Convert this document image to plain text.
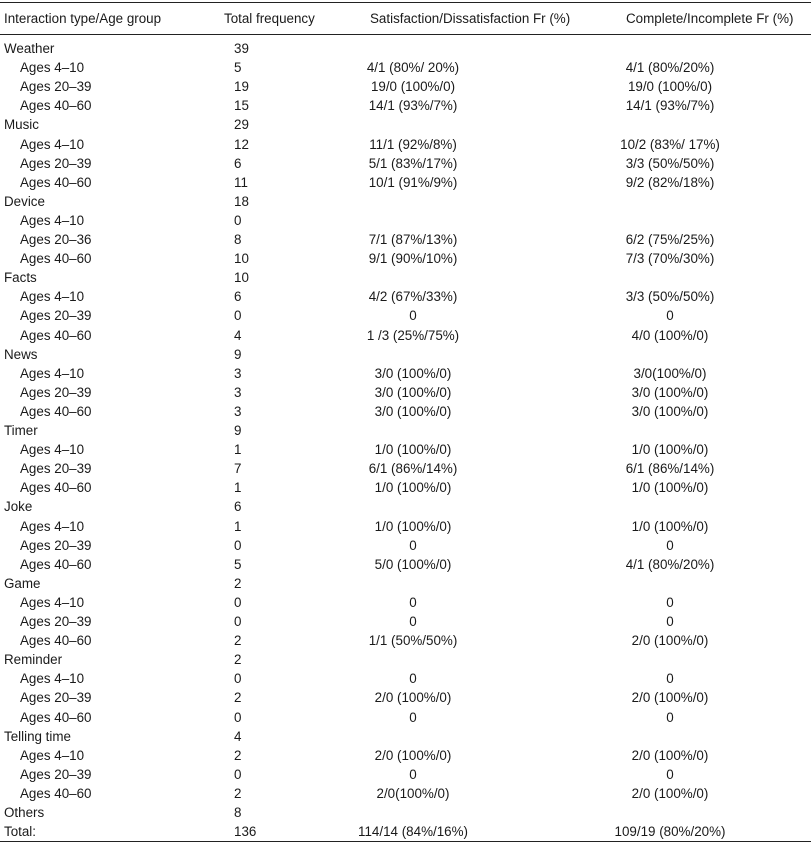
Interaction type/Age group	Total frequency	Satisfaction/Dissatisfaction Fr (%)	Complete/Incomplete Fr (%)
Weather	39
Ages 4–10	5	4/1 (80%/ 20%)	4/1 (80%/20%)
Ages 20–39	19	19/0 (100%/0)	19/0 (100%/0)
Ages 40–60	15	14/1 (93%/7%)	14/1 (93%/7%)
Music	29
Ages 4–10	12	11/1 (92%/8%)	10/2 (83%/ 17%)
Ages 20–39	6	5/1 (83%/17%)	3/3 (50%/50%)
Ages 40–60	11	10/1 (91%/9%)	9/2 (82%/18%)
Device	18
Ages 4–10	0
Ages 20–36	8	7/1 (87%/13%)	6/2 (75%/25%)
Ages 40–60	10	9/1 (90%/10%)	7/3 (70%/30%)
Facts	10
Ages 4–10	6	4/2 (67%/33%)	3/3 (50%/50%)
Ages 20–39	0	0	0
Ages 40–60	4	1 /3 (25%/75%)	4/0 (100%/0)
News	9
Ages 4–10	3	3/0 (100%/0)	3/0(100%/0)
Ages 20–39	3	3/0 (100%/0)	3/0 (100%/0)
Ages 40–60	3	3/0 (100%/0)	3/0 (100%/0)
Timer	9
Ages 4–10	1	1/0 (100%/0)	1/0 (100%/0)
Ages 20–39	7	6/1 (86%/14%)	6/1 (86%/14%)
Ages 40–60	1	1/0 (100%/0)	1/0 (100%/0)
Joke	6
Ages 4–10	1	1/0 (100%/0)	1/0 (100%/0)
Ages 20–39	0	0	0
Ages 40–60	5	5/0 (100%/0)	4/1 (80%/20%)
Game	2
Ages 4–10	0	0	0
Ages 20–39	0	0	0
Ages 40–60	2	1/1 (50%/50%)	2/0 (100%/0)
Reminder	2
Ages 4–10	0	0	0
Ages 20–39	2	2/0 (100%/0)	2/0 (100%/0)
Ages 40–60	0	0	0
Telling time	4
Ages 4–10	2	2/0 (100%/0)	2/0 (100%/0)
Ages 20–39	0	0	0
Ages 40–60	2	2/0(100%/0)	2/0 (100%/0)
Others	8
Total:	136	114/14 (84%/16%)	109/19 (80%/20%)
